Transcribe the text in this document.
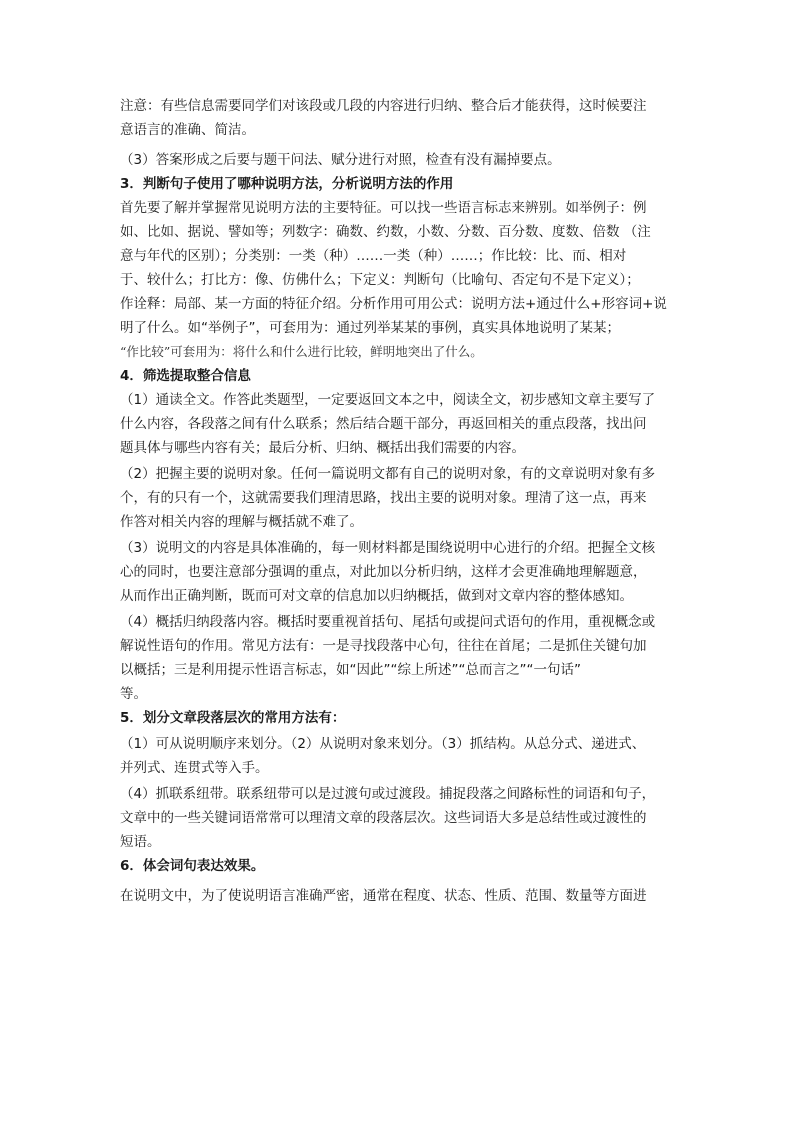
注意：有些信息需要同学们对该段或几段的内容进行归纳、整合后才能获得，这时候要注
意语言的准确、简洁。

（3）答案形成之后要与题干问法、赋分进行对照，检查有没有漏掉要点。

3．判断句子使用了哪种说明方法，分析说明方法的作用

首先要了解并掌握常见说明方法的主要特征。可以找一些语言标志来辨别。如举例子：例
如、比如、据说、譬如等；列数字：确数、约数，小数、分数、百分数、度数、倍数 （注
意与年代的区别）；分类别：一类（种）……一类（种）……；作比较：比、而、相对
于、较什么；打比方：像、仿佛什么；下定义：判断句（比喻句、否定句不是下定义）；
作诠释：局部、某一方面的特征介绍。分析作用可用公式：说明方法+通过什么+形容词+说
明了什么。如“举例子”，可套用为：通过列举某某的事例，真实具体地说明了某某；
“作比较”可套用为：将什么和什么进行比较，鲜明地突出了什么。

4．筛选提取整合信息

（1）通读全文。作答此类题型，一定要返回文本之中，阅读全文，初步感知文章主要写了
什么内容，各段落之间有什么联系；然后结合题干部分，再返回相关的重点段落，找出问
题具体与哪些内容有关；最后分析、归纳、概括出我们需要的内容。

（2）把握主要的说明对象。任何一篇说明文都有自己的说明对象，有的文章说明对象有多
个，有的只有一个，这就需要我们理清思路，找出主要的说明对象。理清了这一点，再来
作答对相关内容的理解与概括就不难了。

（3）说明文的内容是具体准确的，每一则材料都是围绕说明中心进行的介绍。把握全文核
心的同时，也要注意部分强调的重点，对此加以分析归纳，这样才会更准确地理解题意，
从而作出正确判断，既而可对文章的信息加以归纳概括，做到对文章内容的整体感知。

（4）概括归纳段落内容。概括时要重视首括句、尾括句或提问式语句的作用，重视概念或
解说性语句的作用。常见方法有：一是寻找段落中心句，往往在首尾；二是抓住关键句加
以概括；三是利用提示性语言标志，如“因此”“综上所述”“总而言之”“一句话”
等。

5．划分文章段落层次的常用方法有：

（1）可从说明顺序来划分。（2）从说明对象来划分。（3）抓结构。从总分式、递进式、
并列式、连贯式等入手。

（4）抓联系纽带。联系纽带可以是过渡句或过渡段。捕捉段落之间路标性的词语和句子，
文章中的一些关键词语常常可以理清文章的段落层次。这些词语大多是总结性或过渡性的
短语。

6．体会词句表达效果。

在说明文中，为了使说明语言准确严密，通常在程度、状态、性质、范围、数量等方面进
